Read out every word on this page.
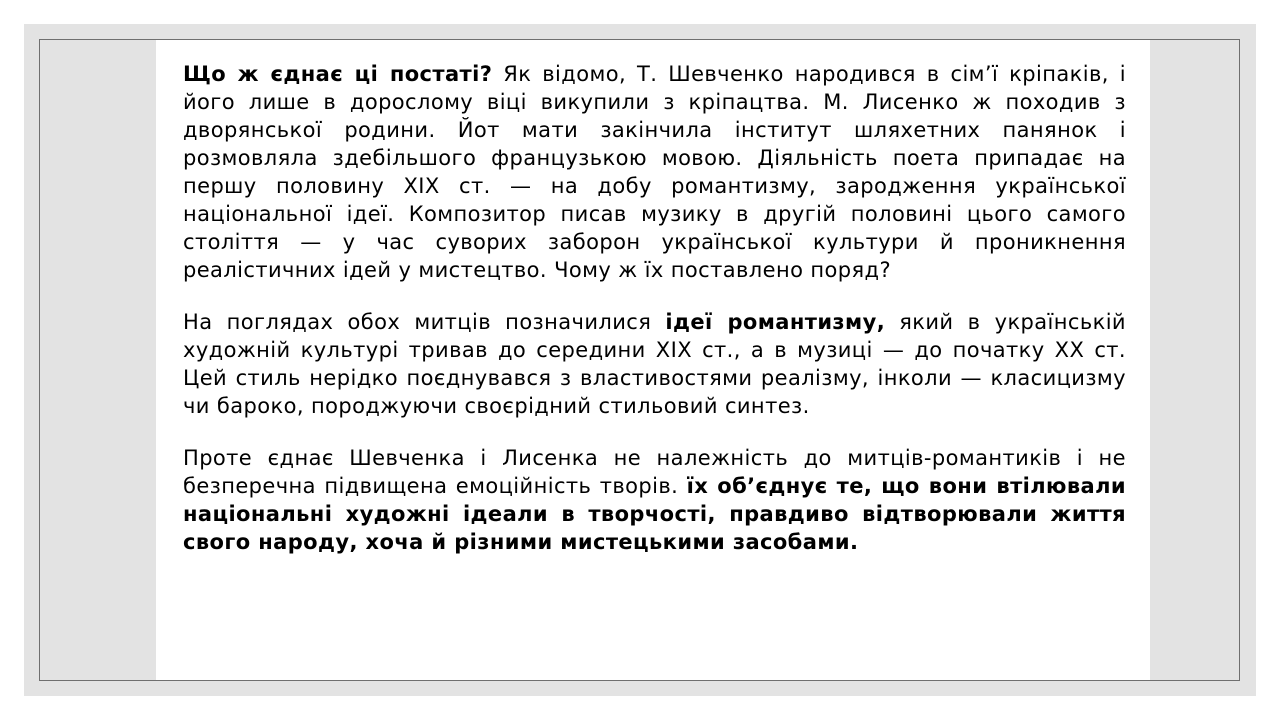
Що ж єднає ці постаті? Як відомо, Т. Шевченко народився в сім’ї кріпаків, і його лише в дорослому віці викупили з кріпацтва. М. Лисенко ж походив з дворянської родини. Йот мати закінчила інститут шляхетних панянок і розмовляла здебільшого французькою мовою. Діяльність поета припадає на першу половину XIX ст. — на добу романтизму, зародження української національної ідеї. Композитор писав музику в другій половині цього самого століття — у час суворих заборон української культури й проникнення реалістичних ідей у мистецтво. Чому ж їх поставлено поряд?

На поглядах обох митців позначилися ідеї романтизму, який в українській художній культурі тривав до середини XIX ст., а в музиці — до початку XX ст. Цей стиль нерідко поєднувався з властивостями реалізму, інколи — класицизму чи бароко, породжуючи своєрідний стильовий синтез.

Проте єднає Шевченка і Лисенка не належність до митців-романтиків і не безперечна підвищена емоційність творів. їх об’єднує те, що вони втілювали національні художні ідеали в творчості, правдиво відтворювали життя свого народу, хоча й різними мистецькими засобами.
